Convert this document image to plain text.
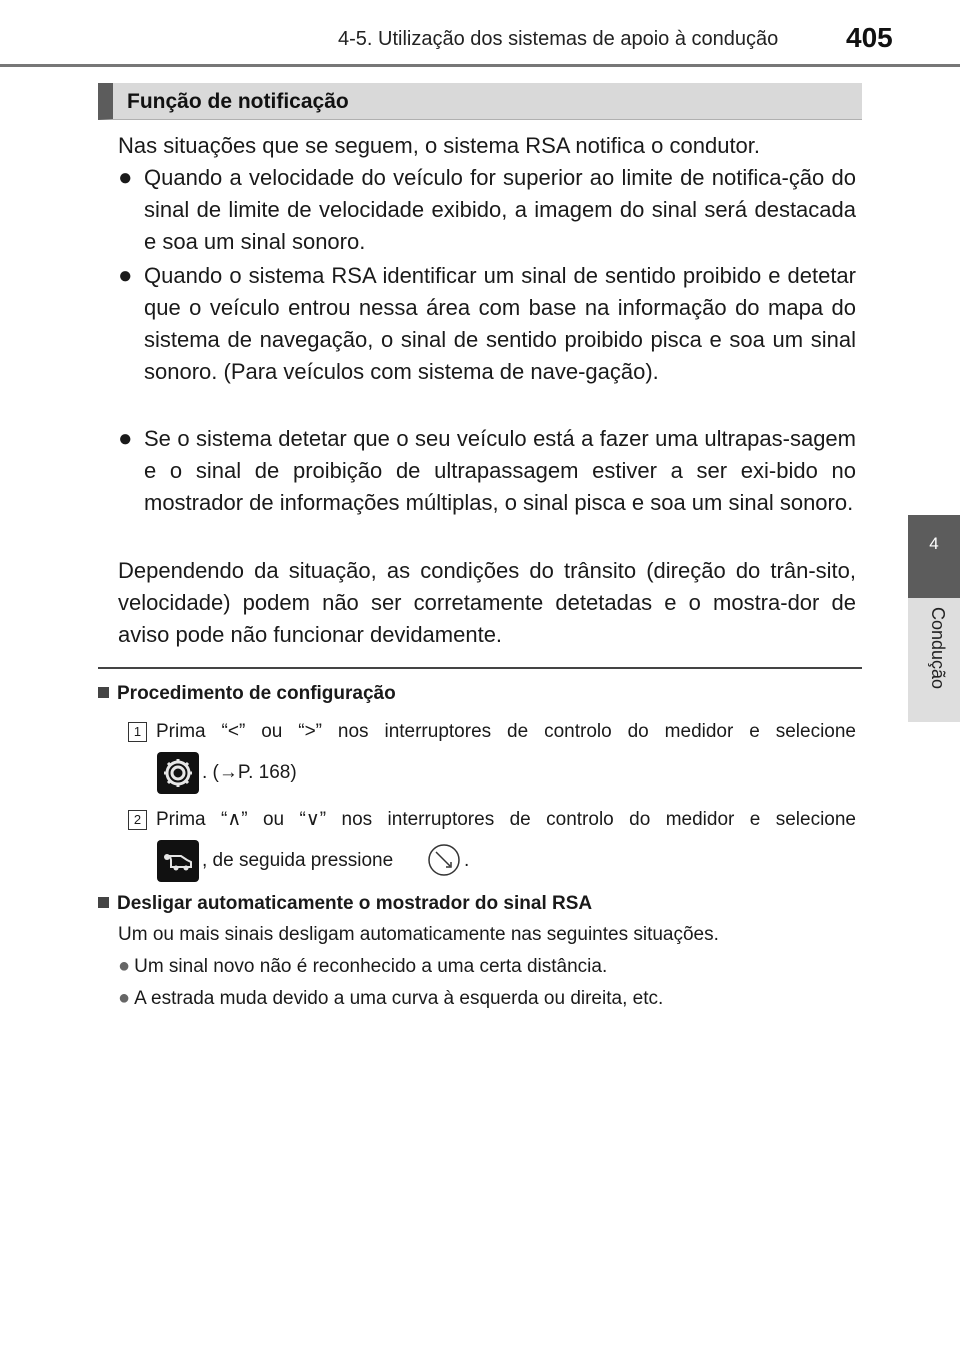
4-5. Utilização dos sistemas de apoio à condução 405
4
Condução
Função de notificação
Nas situações que se seguem, o sistema RSA notifica o condutor.
● Quando a velocidade do veículo for superior ao limite de notifica-ção do sinal de limite de velocidade exibido, a imagem do sinal será destacada e soa um sinal sonoro.
● Quando o sistema RSA identificar um sinal de sentido proibido e detetar que o veículo entrou nessa área com base na informação do mapa do sistema de navegação, o sinal de sentido proibido pisca e soa um sinal sonoro. (Para veículos com sistema de nave-gação).
● Se o sistema detetar que o seu veículo está a fazer uma ultrapas-sagem e o sinal de proibição de ultrapassagem estiver a ser exi-bido no mostrador de informações múltiplas, o sinal pisca e soa um sinal sonoro.
Dependendo da situação, as condições do trânsito (direção do trân-sito, velocidade) podem não ser corretamente detetadas e o mostra-dor de aviso pode não funcionar devidamente.
Procedimento de configuração
1 Prima “<” ou “>” nos interruptores de controlo do medidor e selecione
. (→P. 168)
2 Prima “∧” ou “∨” nos interruptores de controlo do medidor e selecione
, de seguida pressione	.
Desligar automaticamente o mostrador do sinal RSA
Um ou mais sinais desligam automaticamente nas seguintes situações.
● Um sinal novo não é reconhecido a uma certa distância.
● A estrada muda devido a uma curva à esquerda ou direita, etc.
